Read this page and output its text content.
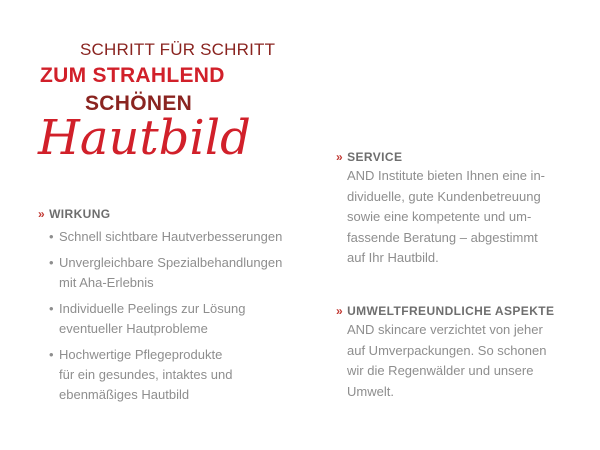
SCHRITT FÜR SCHRITT
ZUM STRAHLEND
SCHÖNEN
Hautbild
» WIRKUNG
• Schnell sichtbare Hautverbesserungen
• Unvergleichbare Spezialbehandlungen
mit Aha-Erlebnis
• Individuelle Peelings zur Lösung
eventueller Hautprobleme
• Hochwertige Pflegeprodukte
für ein gesundes, intaktes und
ebenmäßiges Hautbild
» SERVICE
AND Institute bieten Ihnen eine in-
dividuelle, gute Kundenbetreuung
sowie eine kompetente und um-
fassende Beratung – abgestimmt
auf Ihr Hautbild.
» UMWELTFREUNDLICHE ASPEKTE
AND skincare verzichtet von jeher
auf Umverpackungen. So schonen
wir die Regenwälder und unsere
Umwelt.
